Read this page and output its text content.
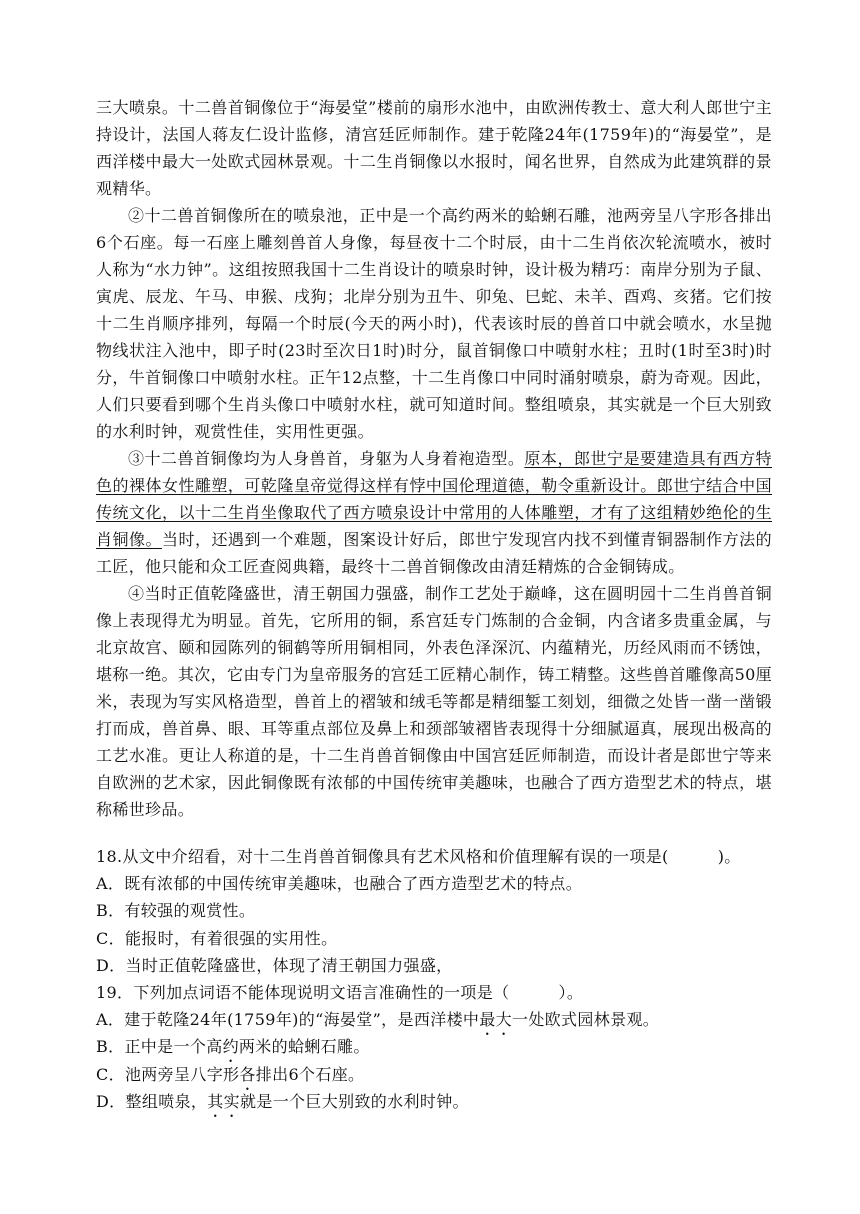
三大喷泉。十二兽首铜像位于“海晏堂”楼前的扇形水池中，由欧洲传教士、意大利人郎世宁主持设计，法国人蒋友仁设计监修，清宫廷匠师制作。建于乾隆24年(1759年)的“海晏堂”，是西洋楼中最大一处欧式园林景观。十二生肖铜像以水报时，闻名世界，自然成为此建筑群的景观精华。

②十二兽首铜像所在的喷泉池，正中是一个高约两米的蛤蜊石雕，池两旁呈八字形各排出6个石座。每一石座上雕刻兽首人身像，每昼夜十二个时辰，由十二生肖依次轮流喷水，被时人称为“水力钟”。这组按照我国十二生肖设计的喷泉时钟，设计极为精巧：南岸分别为子鼠、寅虎、辰龙、午马、申猴、戌狗；北岸分别为丑牛、卯兔、巳蛇、未羊、酉鸡、亥猪。它们按十二生肖顺序排列，每隔一个时辰(今天的两小时)，代表该时辰的兽首口中就会喷水，水呈抛物线状注入池中，即子时(23时至次日1时)时分，鼠首铜像口中喷射水柱；丑时(1时至3时)时分，牛首铜像口中喷射水柱。正午12点整，十二生肖像口中同时涌射喷泉，蔚为奇观。因此，人们只要看到哪个生肖头像口中喷射水柱，就可知道时间。整组喷泉，其实就是一个巨大别致的水利时钟，观赏性佳，实用性更强。

③十二兽首铜像均为人身兽首，身躯为人身着袍造型。原本，郎世宁是要建造具有西方特色的裸体女性雕塑，可乾隆皇帝觉得这样有悖中国伦理道德，勒令重新设计。郎世宁结合中国传统文化，以十二生肖坐像取代了西方喷泉设计中常用的人体雕塑，才有了这组精妙绝伦的生肖铜像。当时，还遇到一个难题，图案设计好后，郎世宁发现宫内找不到懂青铜器制作方法的工匠，他只能和众工匠查阅典籍，最终十二兽首铜像改由清廷精炼的合金铜铸成。

④当时正值乾隆盛世，清王朝国力强盛，制作工艺处于巅峰，这在圆明园十二生肖兽首铜像上表现得尤为明显。首先，它所用的铜，系宫廷专门炼制的合金铜，内含诸多贵重金属，与北京故宫、颐和园陈列的铜鹤等所用铜相同，外表色泽深沉、内蕴精光，历经风雨而不锈蚀，堪称一绝。其次，它由专门为皇帝服务的宫廷工匠精心制作，铸工精整。这些兽首雕像高50厘米，表现为写实风格造型，兽首上的褶皱和绒毛等都是精细錾工刻划，细微之处皆一凿一凿锻打而成，兽首鼻、眼、耳等重点部位及鼻上和颈部皱褶皆表现得十分细腻逼真，展现出极高的工艺水准。更让人称道的是，十二生肖兽首铜像由中国宫廷匠师制造，而设计者是郎世宁等来自欧洲的艺术家，因此铜像既有浓郁的中国传统审美趣味，也融合了西方造型艺术的特点，堪称稀世珍品。

18.从文中介绍看，对十二生肖兽首铜像具有艺术风格和价值理解有误的一项是(　　　)。

A．既有浓郁的中国传统审美趣味，也融合了西方造型艺术的特点。

B．有较强的观赏性。

C．能报时，有着很强的实用性。

D．当时正值乾隆盛世，体现了清王朝国力强盛，

19．下列加点词语不能体现说明文语言准确性的一项是（　　　）。

A．建于乾隆24年(1759年)的“海晏堂”，是西洋楼中最大一处欧式园林景观。

B．正中是一个高约两米的蛤蜊石雕。

C．池两旁呈八字形各排出6个石座。

D．整组喷泉，其实就是一个巨大别致的水利时钟。
